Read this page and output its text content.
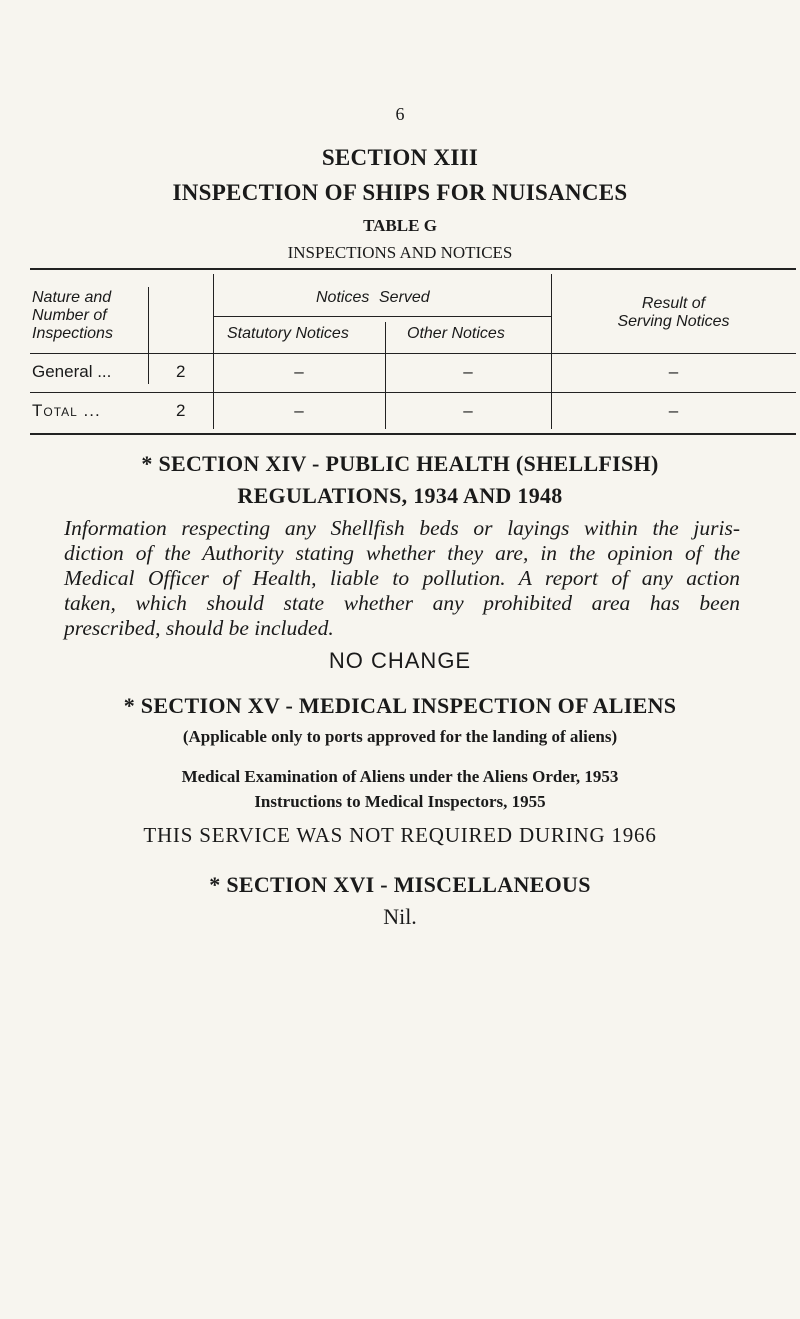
6
SECTION XIII
INSPECTION OF SHIPS FOR NUISANCES
TABLE G
INSPECTIONS AND NOTICES
Nature and
Number of
Inspections
Notices Served
Statutory Notices	Other Notices
Result of
Serving Notices
General ...	2	–	–	–
Total ...	2	–	–	–
* SECTION XIV - PUBLIC HEALTH (SHELLFISH)
REGULATIONS, 1934 AND 1948
Information respecting any Shellfish beds or layings within the juris-
diction of the Authority stating whether they are, in the opinion of the
Medical Officer of Health, liable to pollution. A report of any action
taken, which should state whether any prohibited area has been
prescribed, should be included.
NO CHANGE
* SECTION XV - MEDICAL INSPECTION OF ALIENS
(Applicable only to ports approved for the landing of aliens)
Medical Examination of Aliens under the Aliens Order, 1953
Instructions to Medical Inspectors, 1955
THIS SERVICE WAS NOT REQUIRED DURING 1966
* SECTION XVI - MISCELLANEOUS
Nil.
